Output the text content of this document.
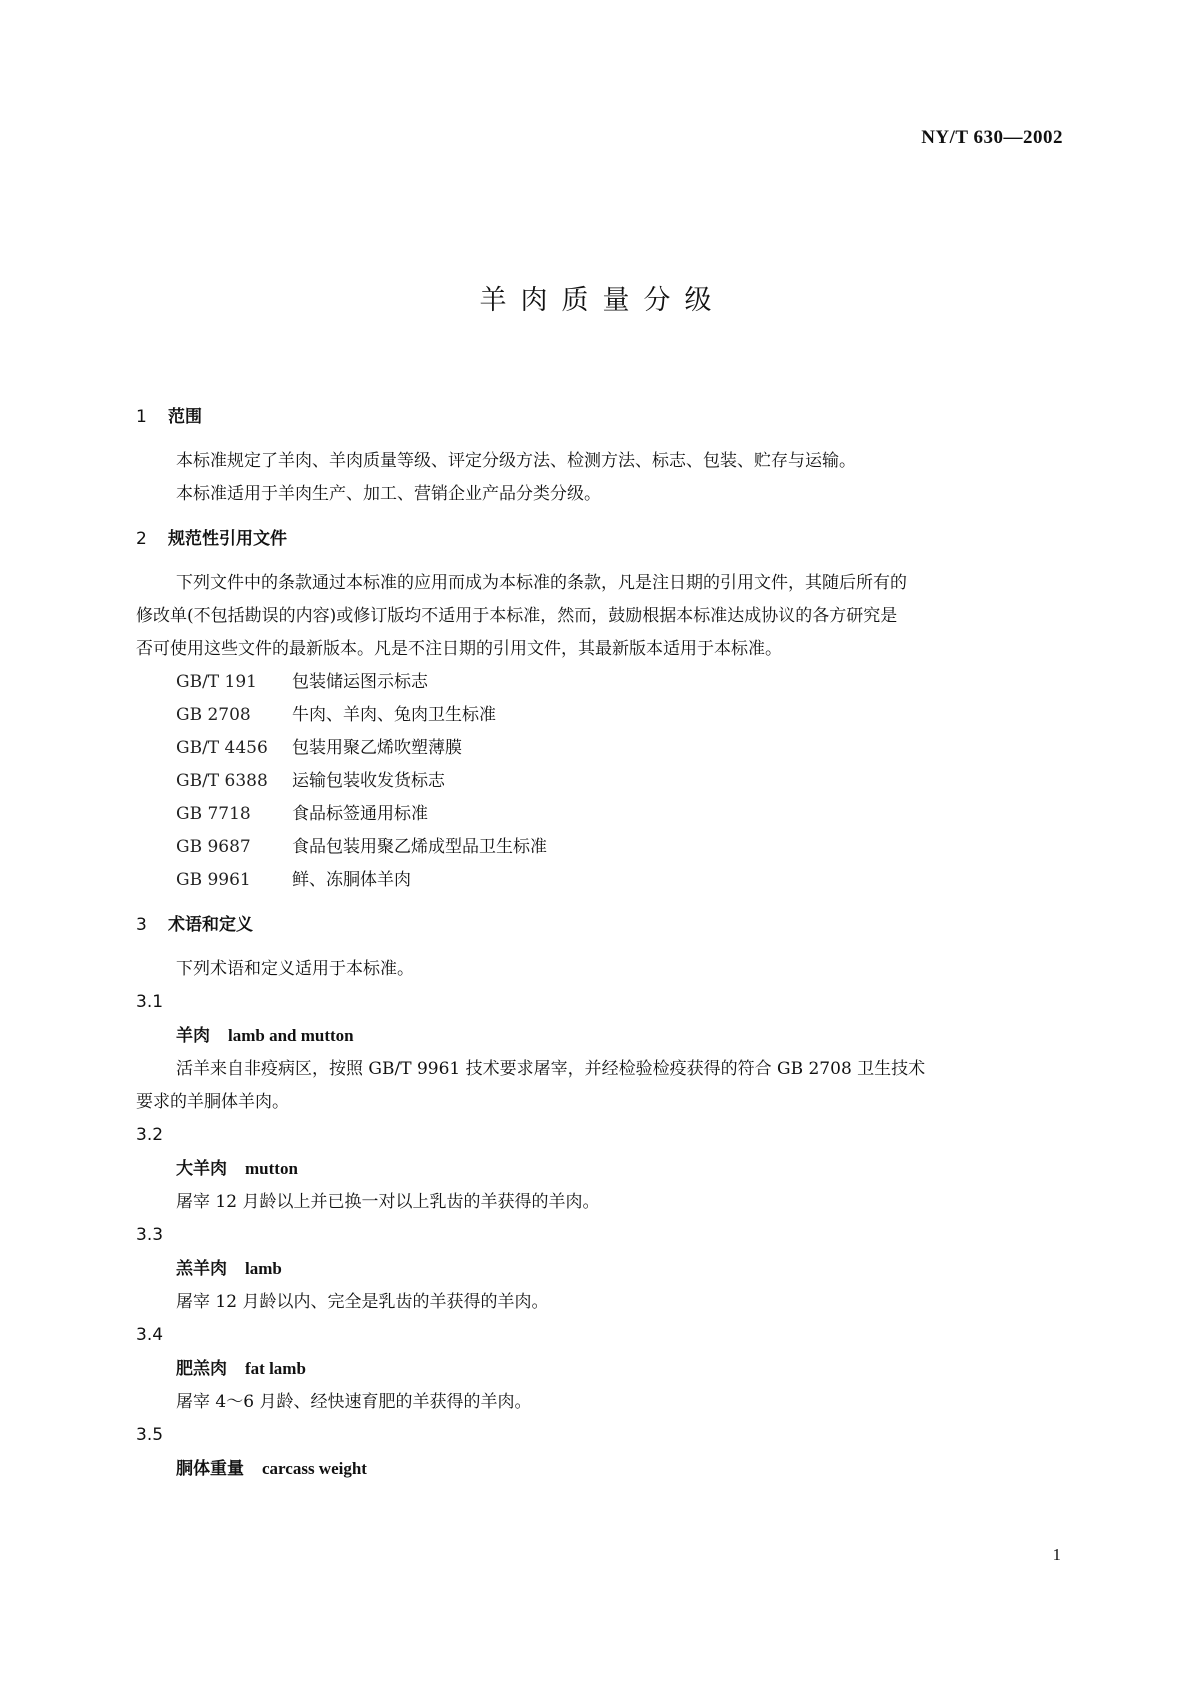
NY/T 630—2002
羊肉质量分级
1 范围
本标准规定了羊肉、羊肉质量等级、评定分级方法、检测方法、标志、包装、贮存与运输。
本标准适用于羊肉生产、加工、营销企业产品分类分级。
2 规范性引用文件
下列文件中的条款通过本标准的应用而成为本标准的条款，凡是注日期的引用文件，其随后所有的
修改单(不包括勘误的内容)或修订版均不适用于本标准，然而，鼓励根据本标准达成协议的各方研究是
否可使用这些文件的最新版本。凡是不注日期的引用文件，其最新版本适用于本标准。
GB/T 191 包装储运图示标志
GB 2708 牛肉、羊肉、兔肉卫生标准
GB/T 4456 包装用聚乙烯吹塑薄膜
GB/T 6388 运输包装收发货标志
GB 7718 食品标签通用标准
GB 9687 食品包装用聚乙烯成型品卫生标准
GB 9961 鲜、冻胴体羊肉
3 术语和定义
下列术语和定义适用于本标准。
3.1
羊肉 lamb and mutton
活羊来自非疫病区，按照 GB/T 9961 技术要求屠宰，并经检验检疫获得的符合 GB 2708 卫生技术
要求的羊胴体羊肉。
3.2
大羊肉 mutton
屠宰 12 月龄以上并已换一对以上乳齿的羊获得的羊肉。
3.3
羔羊肉 lamb
屠宰 12 月龄以内、完全是乳齿的羊获得的羊肉。
3.4
肥羔肉 fat lamb
屠宰 4～6 月龄、经快速育肥的羊获得的羊肉。
3.5
胴体重量 carcass weight
1
